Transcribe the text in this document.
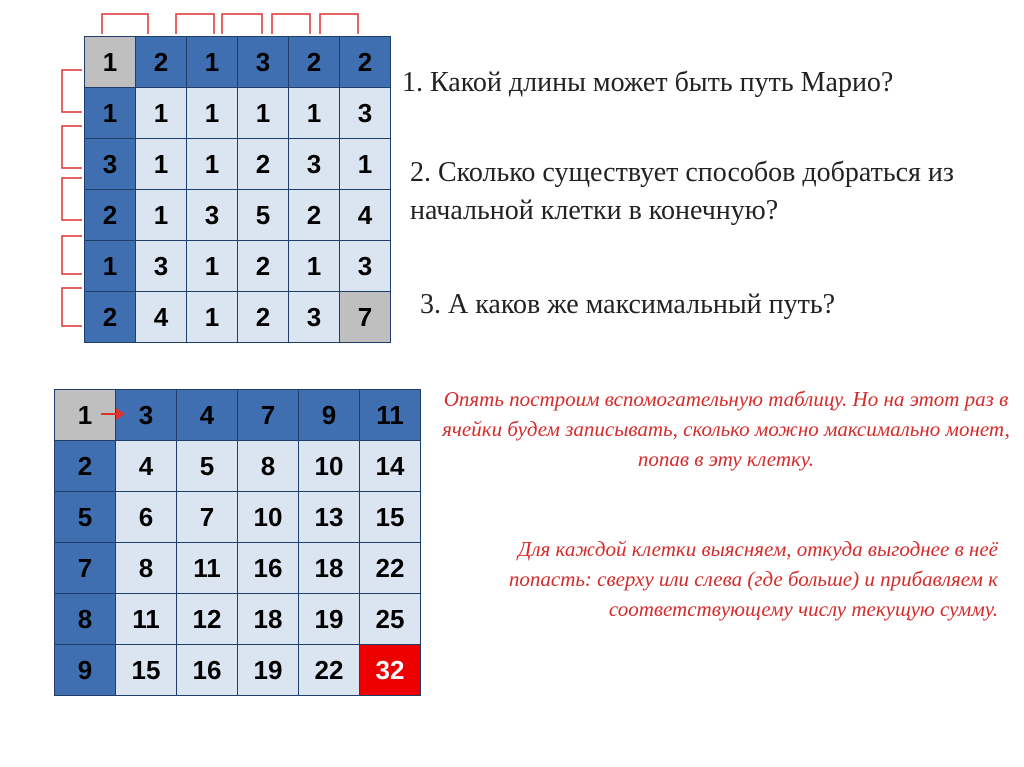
1	2	1	3	2	2
1	1	1	1	1	3
3	1	1	2	3	1
2	1	3	5	2	4
1	3	1	2	1	3
2	4	1	2	3	7

1. Какой длины может быть путь Марио?

2. Сколько существует способов добраться из начальной клетки в конечную?

3. А каков же максимальный путь?

1	3	4	7	9	11
2	4	5	8	10	14
5	6	7	10	13	15
7	8	11	16	18	22
8	11	12	18	19	25
9	15	16	19	22	32

Опять построим вспомогательную таблицу. Но на этот раз в ячейки будем записывать, сколько можно максимально монет, попав в эту клетку.

Для каждой клетки выясняем, откуда выгоднее в неё попасть: сверху или слева (где больше) и прибавляем к соответствующему числу текущую сумму.
